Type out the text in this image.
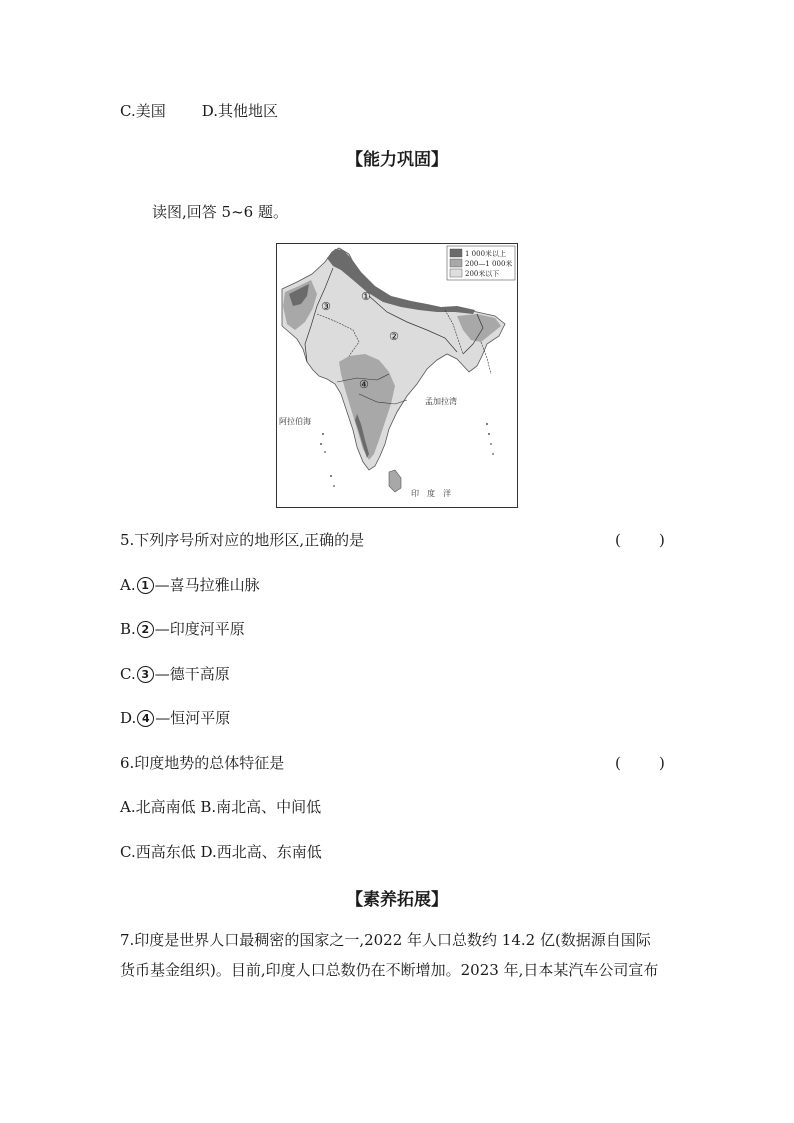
C.美国 D.其他地区
【能力巩固】
读图,回答 5~6 题。
1 000米以上
200—1 000米
200米以下
①
②
③
④
阿拉伯海
孟加拉湾
印　度　洋
5.下列序号所对应的地形区,正确的是	(        )
A. 1 —喜马拉雅山脉
B. 2 —印度河平原
C. 3 —德干高原
D. 4 —恒河平原
6.印度地势的总体特征是	(        )
A.北高南低 B.南北高、中间低
C.西高东低 D.西北高、东南低
【素养拓展】
7.印度是世界人口最稠密的国家之一,2022 年人口总数约 14.2 亿(数据源自国际
货币基金组织)。目前,印度人口总数仍在不断增加。2023 年,日本某汽车公司宣布
